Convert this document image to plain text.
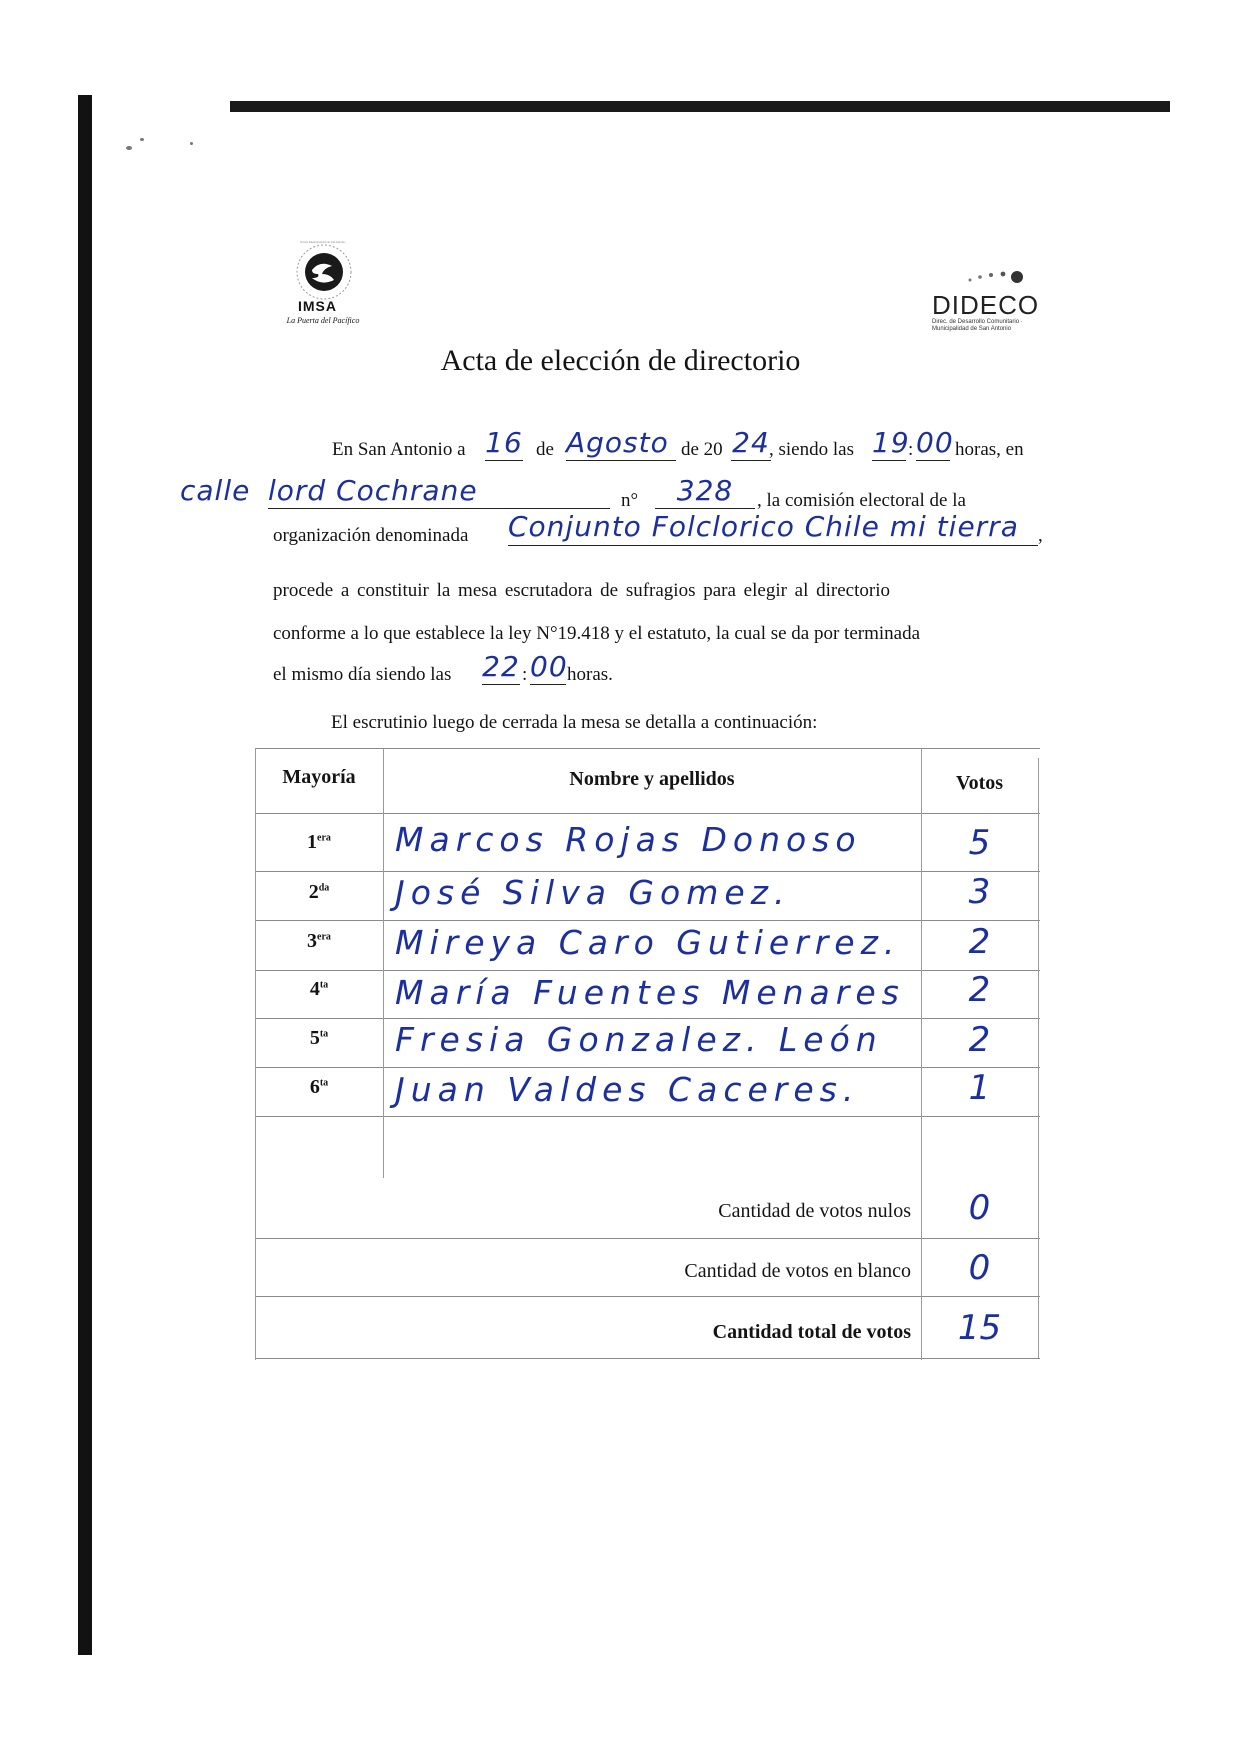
IMSA
La Puerta del Pacífico
Ilustre Municipalidad de San Antonio
DIDECO
Direc. de Desarrollo Comunitario · Municipalidad de San Antonio
Acta de elección de directorio
En San Antonio a 16 de Agosto de 20 24 , siendo las 19
: 00 horas, en
calle lord Cochrane	n°	328	, la comisión electoral de la
organización denominada Conjunto Folclorico Chile mi tierra	,
procede a constituir la mesa escrutadora de sufragios para elegir al directorio
conforme a lo que establece la ley N°19.418 y el estatuto, la cual se da por terminada
el mismo día siendo las 22 : 00 horas.
El escrutinio luego de cerrada la mesa se detalla a continuación:
Mayoría	Nombre y apellidos	Votos
$1^{era}$	Marcos Rojas Donoso	5
$2^{da}$	José Silva Gomez.	3
$3^{era}$	Mireya Caro Gutierrez.	2
$4^{ta}$	María Fuentes Menares	2
$5^{ta}$	Fresia Gonzalez. León	2
$6^{ta}$	Juan Valdes Caceres.	1
Cantidad de votos nulos	0
Cantidad de votos en blanco	0
Cantidad total de votos	15
